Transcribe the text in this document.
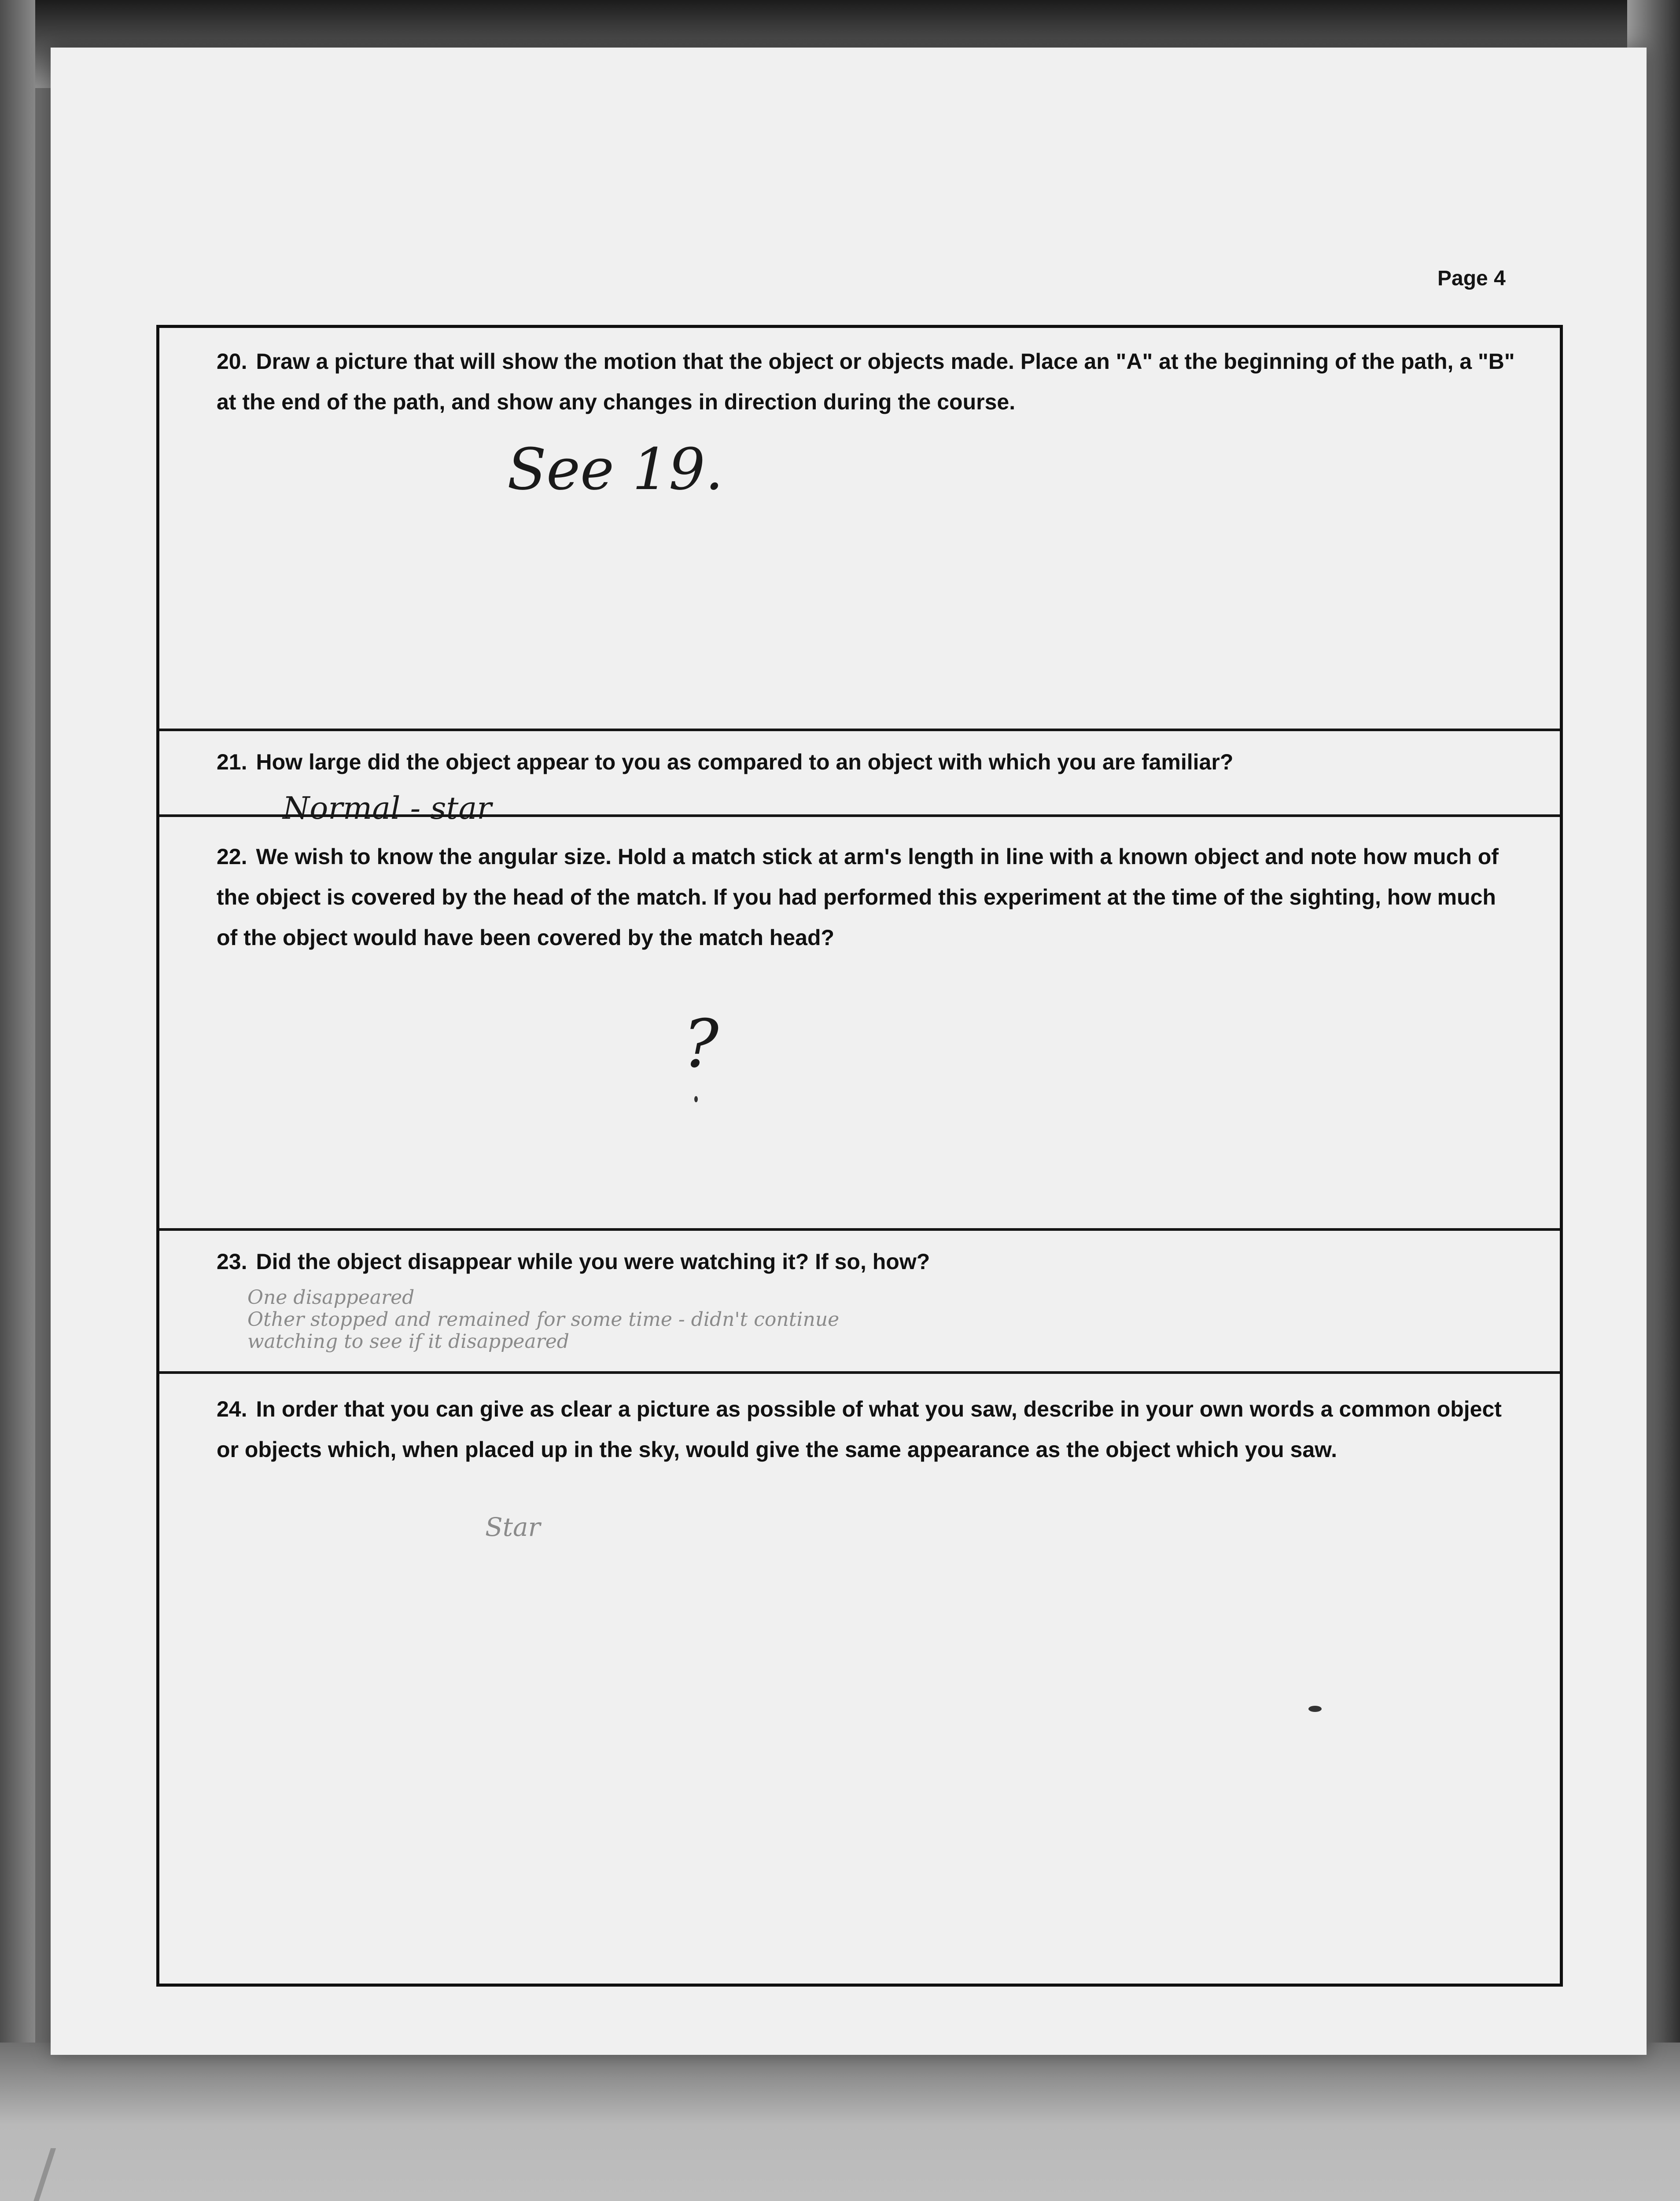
Page 4
20. Draw a picture that will show the motion that the object or objects made. Place an "A" at the beginning of the path, a "B" at the end of the path, and show any changes in direction during the course.
See 19.
21. How large did the object appear to you as compared to an object with which you are familiar?
Normal - star
22. We wish to know the angular size. Hold a match stick at arm's length in line with a known object and note how much of the object is covered by the head of the match. If you had performed this experiment at the time of the sighting, how much of the object would have been covered by the match head?
?
23. Did the object disappear while you were watching it? If so, how?
One disappeared
Other stopped and remained for some time - didn't continue
watching to see if it disappeared
24. In order that you can give as clear a picture as possible of what you saw, describe in your own words a common object or objects which, when placed up in the sky, would give the same appearance as the object which you saw.
Star
